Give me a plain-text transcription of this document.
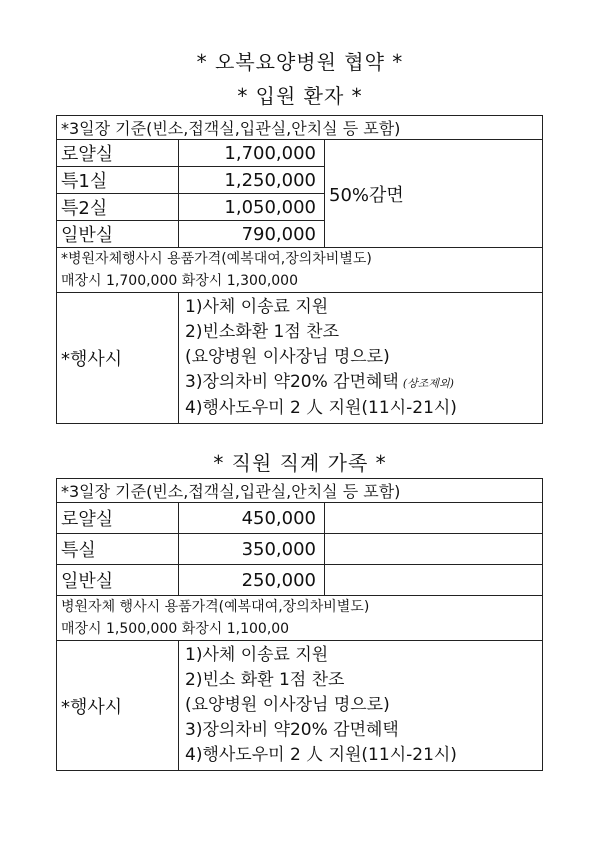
* 오복요양병원 협약 *
* 입원 환자 *
*3일장 기준(빈소,접객실,입관실,안치실 등 포함)		
로얄실	1,700,000	50%감면
특1실	1,250,000	
특2실	1,050,000	
일반실	790,000	

*병원자체행사시 용품가격(예복대여,장의차비별도)
매장시 1,700,000 화장시 1,300,000		

*행사시	1)사체 이송료 지원
2)빈소화환 1점 찬조
(요양병원 이사장님 명으로)
3)장의차비 약20% 감면혜택 (상조제외)
4)행사도우미 2 人 지원(11시-21시)	
* 직원 직계 가족 *
*3일장 기준(빈소,접객실,입관실,안치실 등 포함)		
로얄실	450,000	
특실	350,000	
일반실	250,000	

병원자체 행사시 용품가격(예복대여,장의차비별도)
매장시 1,500,000 화장시 1,100,00		

*행사시	1)사체 이송료 지원
2)빈소 화환 1점 찬조
(요양병원 이사장님 명으로)
3)장의차비 약20% 감면혜택
4)행사도우미 2 人 지원(11시-21시)	
